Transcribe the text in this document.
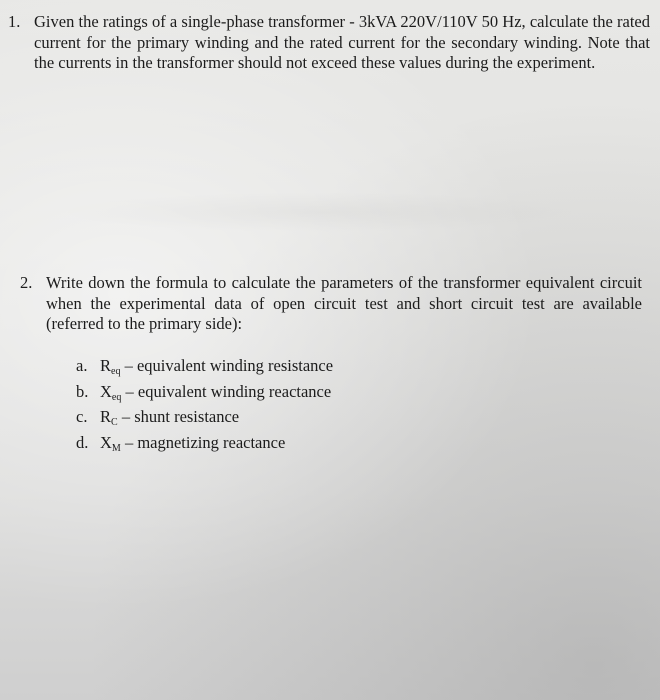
1. Given the ratings of a single-phase transformer - 3kVA 220V/110V 50 Hz, calculate the rated current for the primary winding and the rated current for the secondary winding. Note that the currents in the transformer should not exceed these values during the experiment.
2. Write down the formula to calculate the parameters of the transformer equivalent circuit when the experimental data of open circuit test and short circuit test are available (referred to the primary side):
a. $R_{eq}$ – equivalent winding resistance
b. $X_{eq}$ – equivalent winding reactance
c. $R_C$ – shunt resistance
d. $X_M$ – magnetizing reactance
